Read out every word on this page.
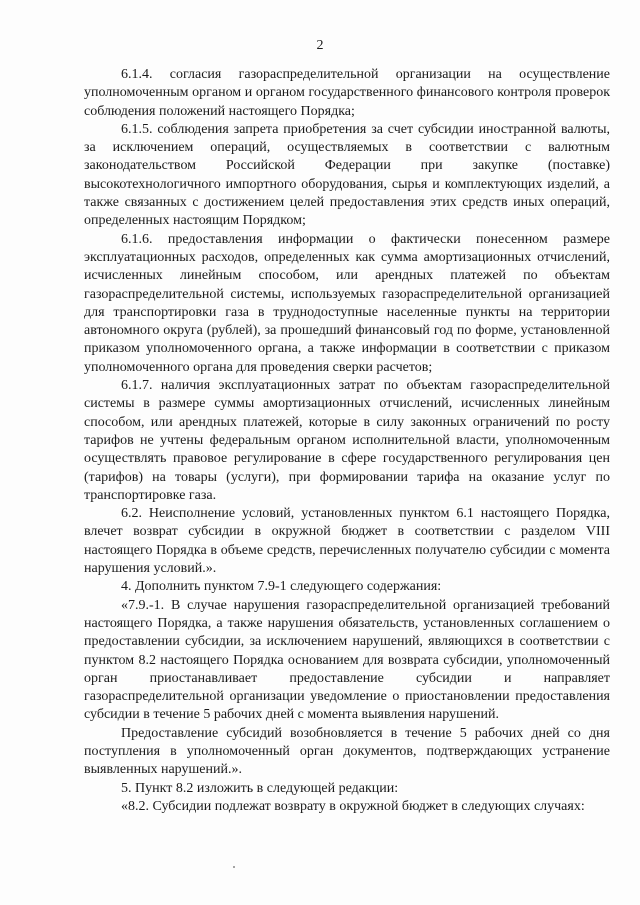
2

6.1.4. согласия газораспределительной организации на осуществление уполномоченным органом и органом государственного финансового контроля проверок соблюдения положений настоящего Порядка;

6.1.5. соблюдения запрета приобретения за счет субсидии иностранной валюты, за исключением операций, осуществляемых в соответствии с валютным законодательством Российской Федерации при закупке (поставке) высокотехнологичного импортного оборудования, сырья и комплектующих изделий, а также связанных с достижением целей предоставления этих средств иных операций, определенных настоящим Порядком;

6.1.6. предоставления информации о фактически понесенном размере эксплуатационных расходов, определенных как сумма амортизационных отчислений, исчисленных линейным способом, или арендных платежей по объектам газораспределительной системы, используемых газораспределительной организацией для транспортировки газа в труднодоступные населенные пункты на территории автономного округа (рублей), за прошедший финансовый год по форме, установленной приказом уполномоченного органа, а также информации в соответствии с приказом уполномоченного органа для проведения сверки расчетов;

6.1.7. наличия эксплуатационных затрат по объектам газораспределительной системы в размере суммы амортизационных отчислений, исчисленных линейным способом, или арендных платежей, которые в силу законных ограничений по росту тарифов не учтены федеральным органом исполнительной власти, уполномоченным осуществлять правовое регулирование в сфере государственного регулирования цен (тарифов) на товары (услуги), при формировании тарифа на оказание услуг по транспортировке газа.

6.2. Неисполнение условий, установленных пунктом 6.1 настоящего Порядка, влечет возврат субсидии в окружной бюджет в соответствии с разделом VIII настоящего Порядка в объеме средств, перечисленных получателю субсидии с момента нарушения условий.».

4. Дополнить пунктом 7.9-1 следующего содержания:

«7.9.-1. В случае нарушения газораспределительной организацией требований настоящего Порядка, а также нарушения обязательств, установленных соглашением о предоставлении субсидии, за исключением нарушений, являющихся в соответствии с пунктом 8.2 настоящего Порядка основанием для возврата субсидии, уполномоченный орган приостанавливает предоставление субсидии и направляет газораспределительной организации уведомление о приостановлении предоставления субсидии в течение 5 рабочих дней с момента выявления нарушений.

Предоставление субсидий возобновляется в течение 5 рабочих дней со дня поступления в уполномоченный орган документов, подтверждающих устранение выявленных нарушений.».

5. Пункт 8.2 изложить в следующей редакции:

«8.2. Субсидии подлежат возврату в окружной бюджет в следующих случаях:
